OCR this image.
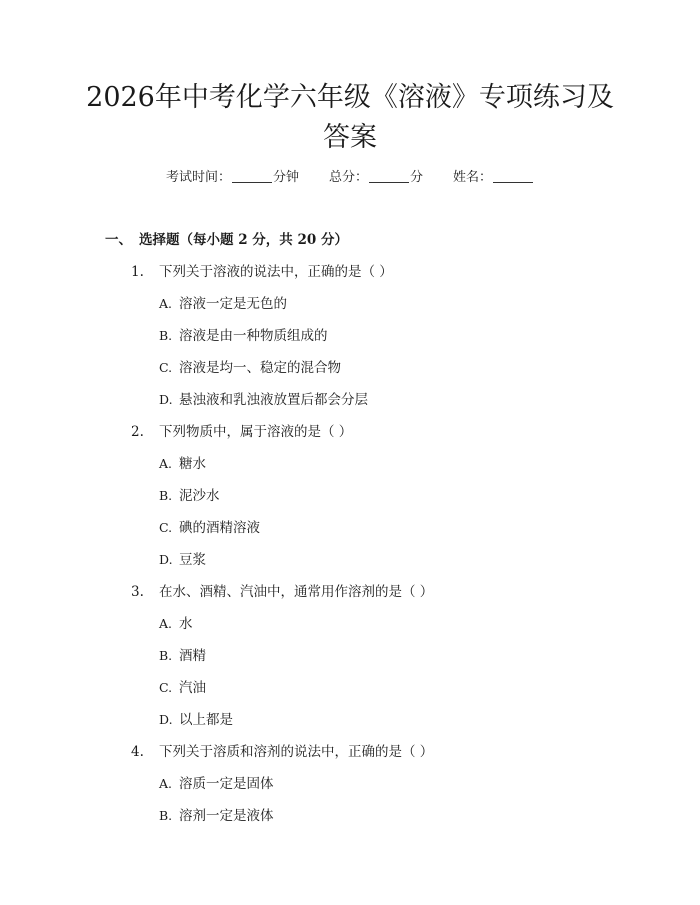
2026年中考化学六年级《溶液》专项练习及答案
考试时间：	分钟 总分：	分 姓名：
一、 选择题（每小题 2 分，共 20 分）
1. 下列关于溶液的说法中，正确的是（ ）
A. 溶液一定是无色的
B. 溶液是由一种物质组成的
C. 溶液是均一、稳定的混合物
D. 悬浊液和乳浊液放置后都会分层
2. 下列物质中，属于溶液的是（ ）
A. 糖水
B. 泥沙水
C. 碘的酒精溶液
D. 豆浆
3. 在水、酒精、汽油中，通常用作溶剂的是（ ）
A. 水
B. 酒精
C. 汽油
D. 以上都是
4. 下列关于溶质和溶剂的说法中，正确的是（ ）
A. 溶质一定是固体
B. 溶剂一定是液体
